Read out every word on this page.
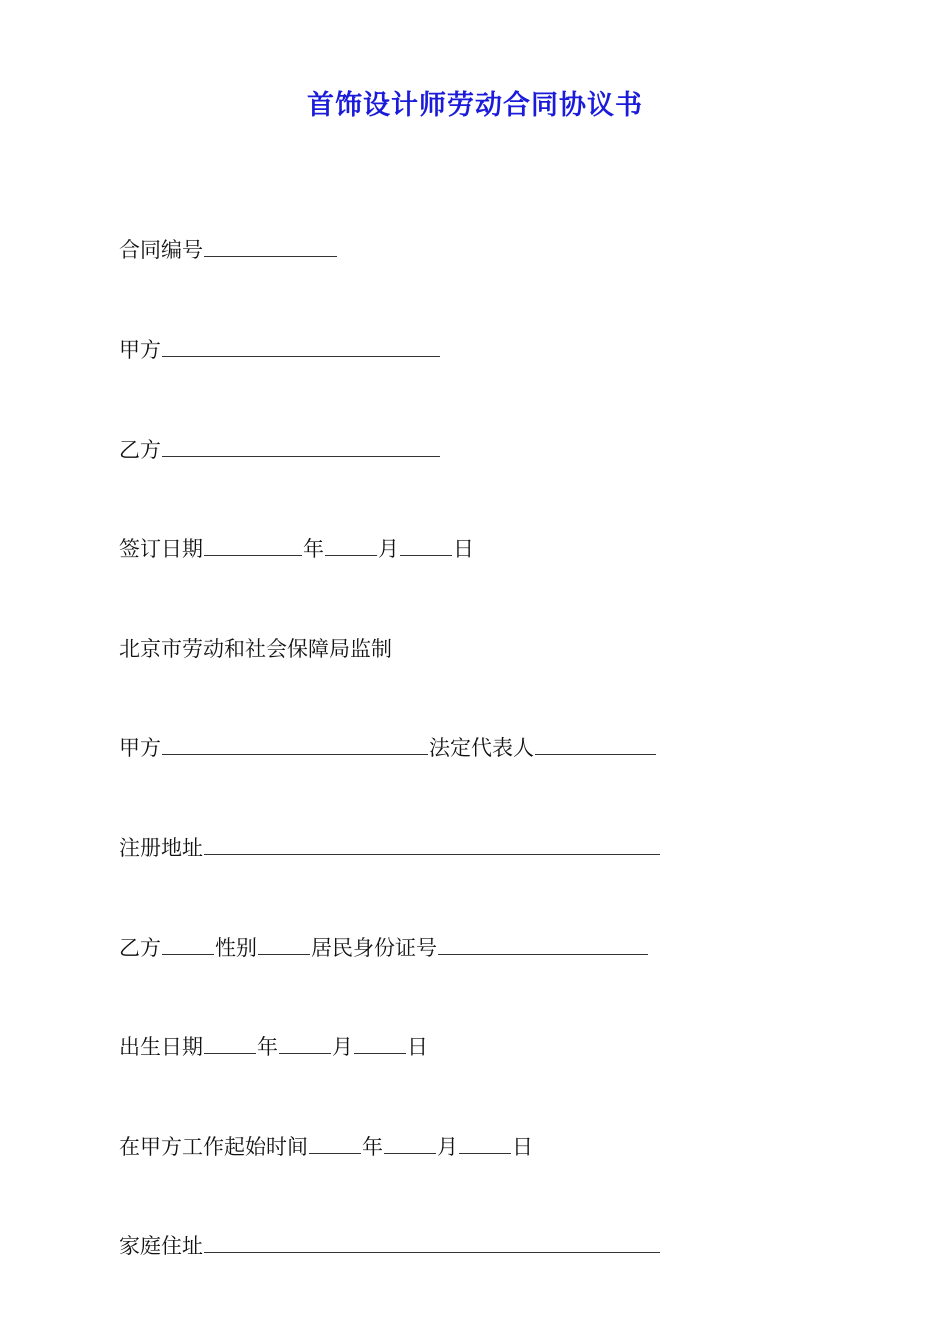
首饰设计师劳动合同协议书
合同编号
甲方
乙方
签订日期	年	月	日
北京市劳动和社会保障局监制
甲方	法定代表人
注册地址
乙方	性别	居民身份证号
出生日期	年	月	日
在甲方工作起始时间	年	月	日
家庭住址
